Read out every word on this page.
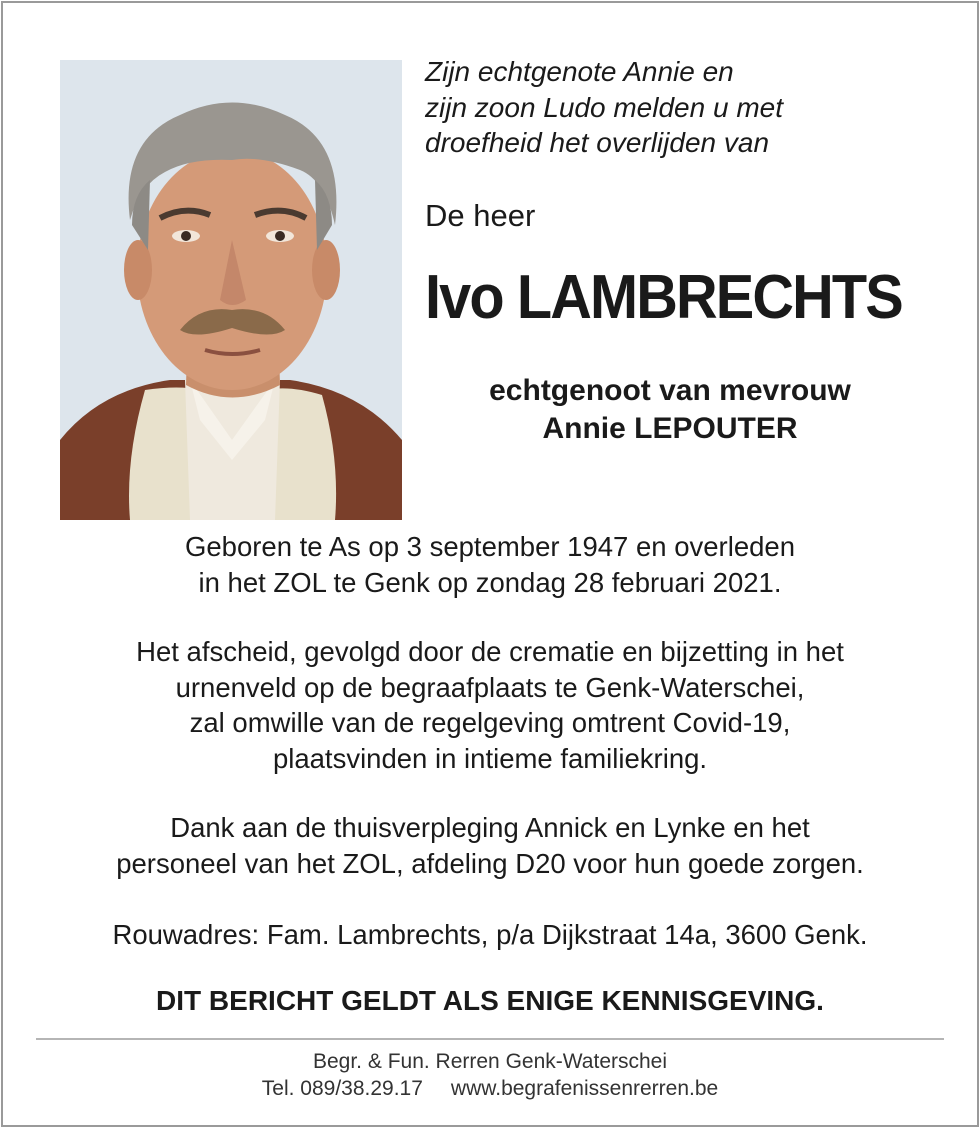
Zijn echtgenote Annie en
zijn zoon Ludo melden u met
droefheid het overlijden van
De heer
Ivo LAMBRECHTS
echtgenoot van mevrouw
Annie LEPOUTER
Geboren te As op 3 september 1947 en overleden
in het ZOL te Genk op zondag 28 februari 2021.
Het afscheid, gevolgd door de crematie en bijzetting in het
urnenveld op de begraafplaats te Genk-Waterschei,
zal omwille van de regelgeving omtrent Covid-19,
plaatsvinden in intieme familiekring.
Dank aan de thuisverpleging Annick en Lynke en het
personeel van het ZOL, afdeling D20 voor hun goede zorgen.
Rouwadres: Fam. Lambrechts, p/a Dijkstraat 14a, 3600 Genk.
DIT BERICHT GELDT ALS ENIGE KENNISGEVING.
Begr. & Fun. Rerren Genk-Waterschei
Tel. 089/38.29.17 www.begrafenissenrerren.be
